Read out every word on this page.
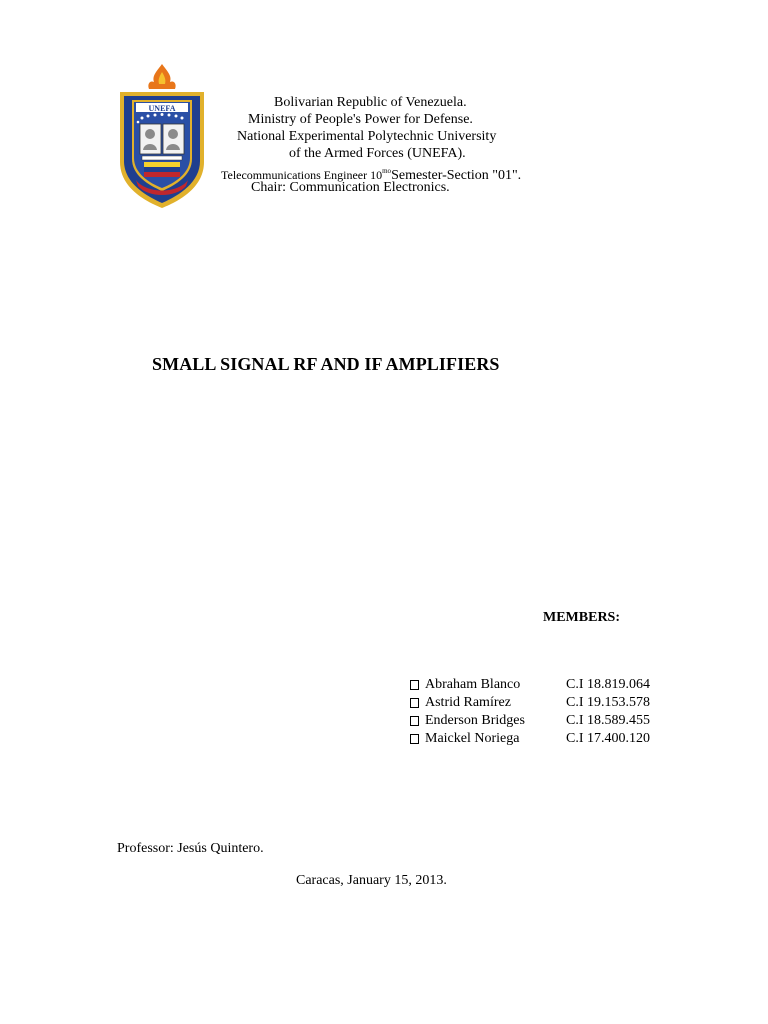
UNEFA	Bolivarian Republic of Venezuela.
Ministry of People's Power for Defense.
National Experimental Polytechnic University
of the Armed Forces (UNEFA).
Telecommunications Engineer $10^{mo}Semester$-Section "01".
Chair: Communication Electronics.
SMALL SIGNAL RF AND IF AMPLIFIERS
MEMBERS:
Abraham Blanco	C.I 18.819.064
Astrid Ramírez	C.I 19.153.578
Enderson Bridges	C.I 18.589.455
Maickel Noriega	C.I 17.400.120
Professor: Jesús Quintero.
Caracas, January 15, 2013.
